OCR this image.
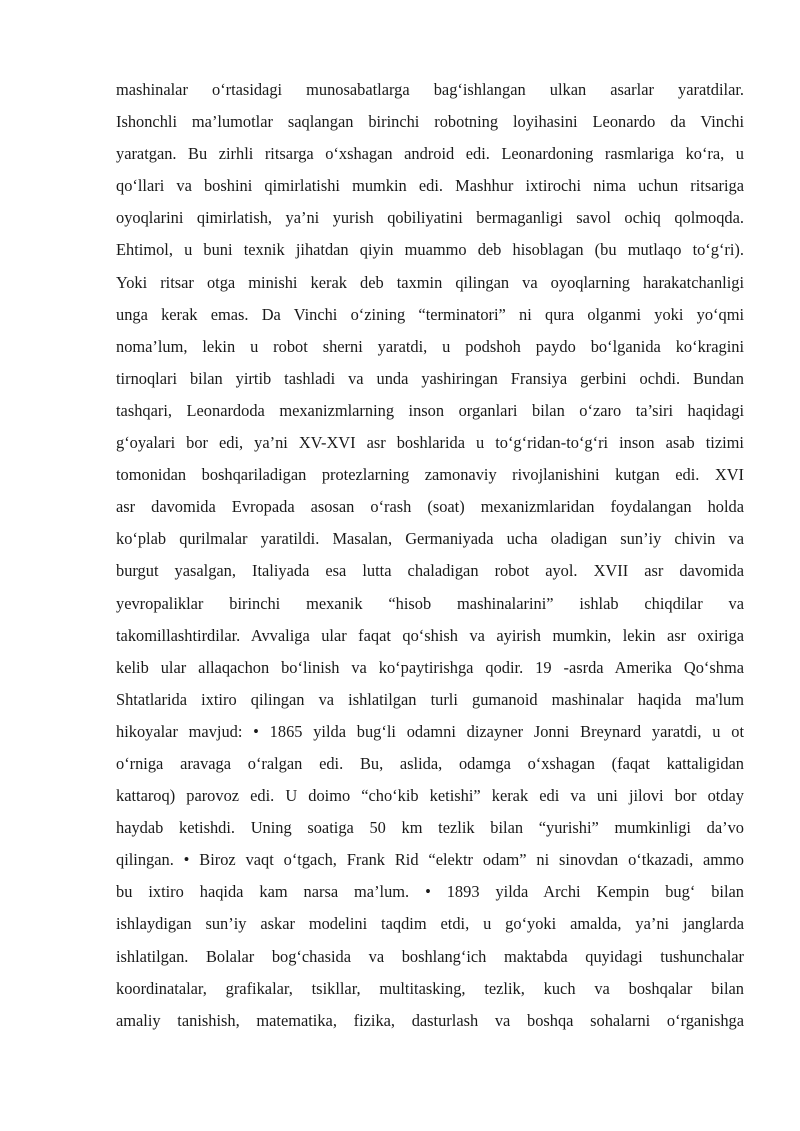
mashinalar o‘rtasidagi munosabatlarga bag‘ishlangan ulkan asarlar yaratdilar.
Ishonchli ma’lumotlar saqlangan birinchi robotning loyihasini Leonardo da Vinchi
yaratgan. Bu zirhli ritsarga o‘xshagan android edi. Leonardoning rasmlariga ko‘ra, u
qo‘llari va boshini qimirlatishi mumkin edi. Mashhur ixtirochi nima uchun ritsariga
oyoqlarini qimirlatish, ya’ni yurish qobiliyatini bermaganligi savol ochiq qolmoqda.
Ehtimol, u buni texnik jihatdan qiyin muammo deb hisoblagan (bu mutlaqo to‘g‘ri).
Yoki ritsar otga minishi kerak deb taxmin qilingan va oyoqlarning harakatchanligi
unga kerak emas. Da Vinchi o‘zining “terminatori” ni qura olganmi yoki yo‘qmi
noma’lum, lekin u robot sherni yaratdi, u podshoh paydo bo‘lganida ko‘kragini
tirnoqlari bilan yirtib tashladi va unda yashiringan Fransiya gerbini ochdi. Bundan
tashqari, Leonardoda mexanizmlarning inson organlari bilan o‘zaro ta’siri haqidagi
g‘oyalari bor edi, ya’ni XV-XVI asr boshlarida u to‘g‘ridan-to‘g‘ri inson asab tizimi
tomonidan boshqariladigan protezlarning zamonaviy rivojlanishini kutgan edi. XVI
asr davomida Evropada asosan o‘rash (soat) mexanizmlaridan foydalangan holda
ko‘plab qurilmalar yaratildi. Masalan, Germaniyada ucha oladigan sun’iy chivin va
burgut yasalgan, Italiyada esa lutta chaladigan robot ayol. XVII asr davomida
yevropaliklar birinchi mexanik “hisob mashinalarini” ishlab chiqdilar va
takomillashtirdilar. Avvaliga ular faqat qo‘shish va ayirish mumkin, lekin asr oxiriga
kelib ular allaqachon bo‘linish va ko‘paytirishga qodir. 19 -asrda Amerika Qo‘shma
Shtatlarida ixtiro qilingan va ishlatilgan turli gumanoid mashinalar haqida ma'lum
hikoyalar mavjud: • 1865 yilda bug‘li odamni dizayner Jonni Breynard yaratdi, u ot
o‘rniga aravaga o‘ralgan edi. Bu, aslida, odamga o‘xshagan (faqat kattaligidan
kattaroq) parovoz edi. U doimo “cho‘kib ketishi” kerak edi va uni jilovi bor otday
haydab ketishdi. Uning soatiga 50 km tezlik bilan “yurishi” mumkinligi da’vo
qilingan. • Biroz vaqt o‘tgach, Frank Rid “elektr odam” ni sinovdan o‘tkazadi, ammo
bu ixtiro haqida kam narsa ma’lum. • 1893 yilda Archi Kempin bug‘ bilan
ishlaydigan sun’iy askar modelini taqdim etdi, u go‘yoki amalda, ya’ni janglarda
ishlatilgan. Bolalar bog‘chasida va boshlang‘ich maktabda quyidagi tushunchalar
koordinatalar, grafikalar, tsikllar, multitasking, tezlik, kuch va boshqalar bilan
amaliy tanishish, matematika, fizika, dasturlash va boshqa sohalarni o‘rganishga
